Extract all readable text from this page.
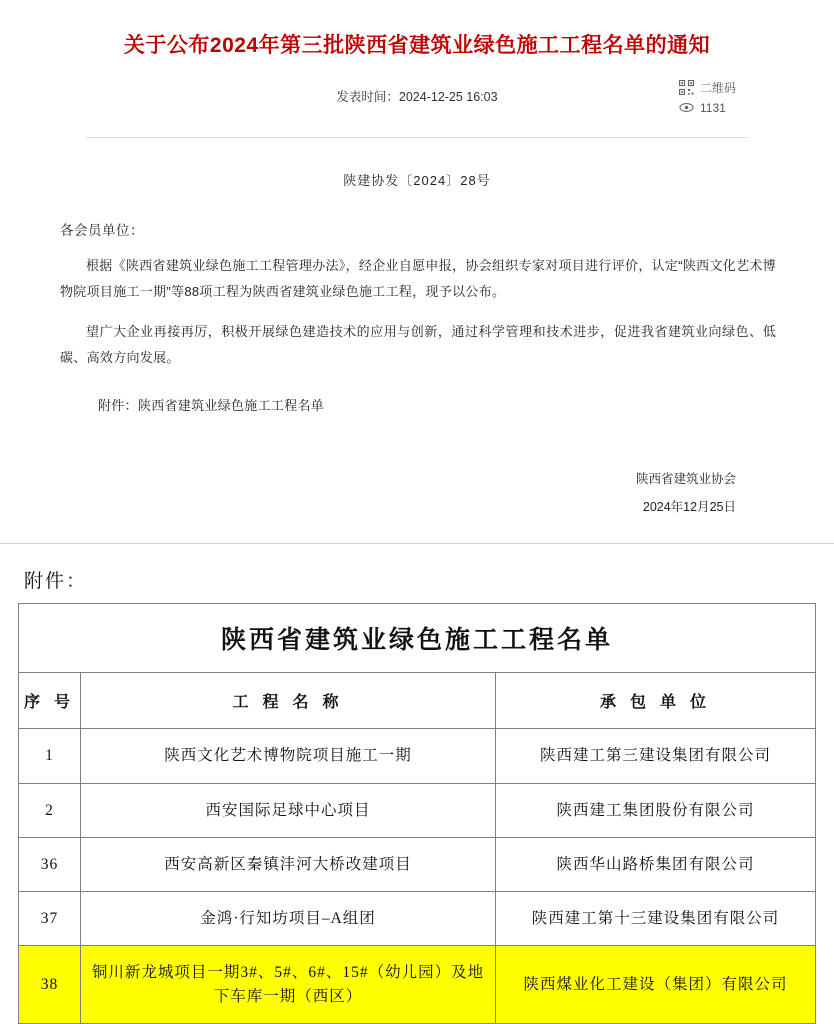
关于公布2024年第三批陕西省建筑业绿色施工工程名单的通知
发表时间：2024-12-25 16:03
二维码
1131
陕建协发〔2024〕28号
各会员单位：

根据《陕西省建筑业绿色施工工程管理办法》，经企业自愿申报，协会组织专家对项目进行评价，认定“陕西文化艺术博物院项目施工一期”等88项工程为陕西省建筑业绿色施工工程，现予以公布。

望广大企业再接再厉，积极开展绿色建造技术的应用与创新，通过科学管理和技术进步，促进我省建筑业向绿色、低碳、高效方向发展。

附件：陕西省建筑业绿色施工工程名单
陕西省建筑业协会
2024年12月25日
附件：
陕西省建筑业绿色施工工程名单		
序 号	工 程 名 称	承 包 单 位
1	陕西文化艺术博物院项目施工一期	陕西建工第三建设集团有限公司
2	西安国际足球中心项目	陕西建工集团股份有限公司
36	西安高新区秦镇沣河大桥改建项目	陕西华山路桥集团有限公司
37	金鸿·行知坊项目–A组团	陕西建工第十三建设集团有限公司
38	铜川新龙城项目一期3#、5#、6#、15#（幼儿园）及地下车库一期（西区）	陕西煤业化工建设（集团）有限公司
